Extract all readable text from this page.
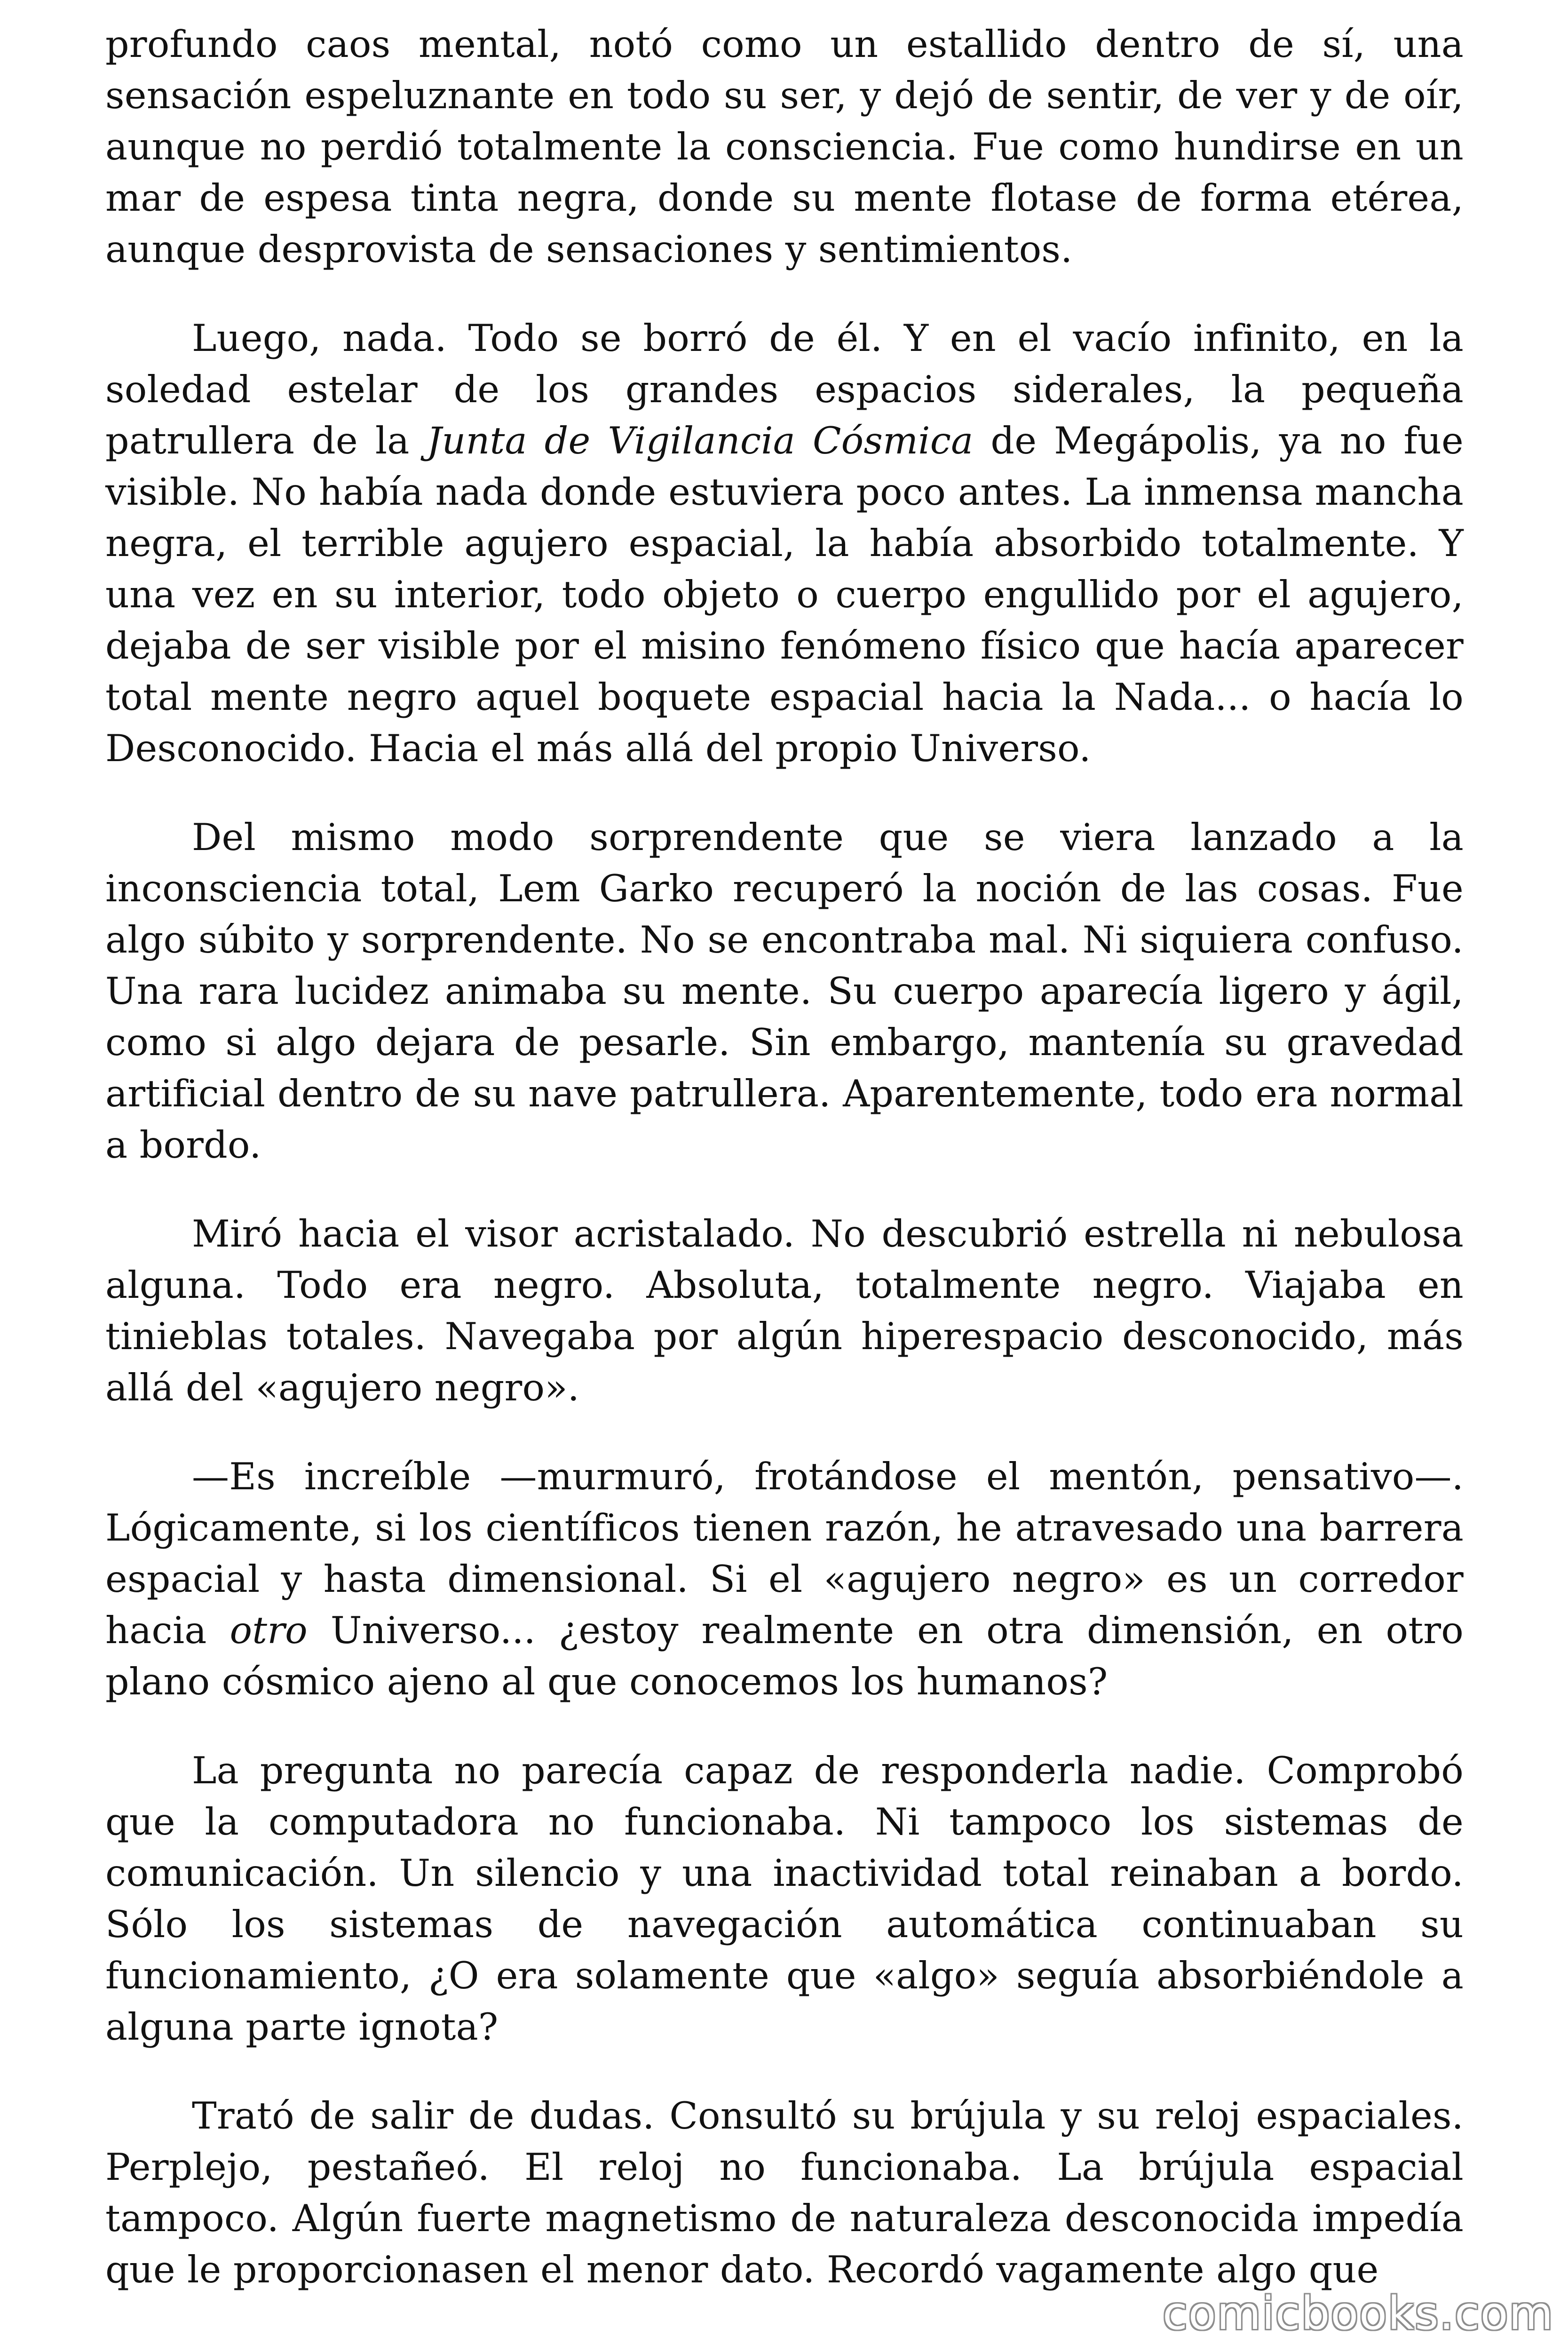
profundo caos mental, notó como un estallido dentro de sí, una sensación espeluznante en todo su ser, y dejó de sentir, de ver y de oír, aunque no perdió totalmente la consciencia. Fue como hundirse en un mar de espesa tinta negra, donde su mente flotase de forma etérea, aunque desprovista de sensaciones y sentimientos.

Luego, nada. Todo se borró de él. Y en el vacío infinito, en la soledad estelar de los grandes espacios siderales, la pequeña patrullera de la Junta de Vigilancia Cósmica de Megápolis, ya no fue visible. No había nada donde estuviera poco antes. La inmensa mancha negra, el terrible agujero espacial, la había absorbido totalmente. Y una vez en su interior, todo objeto o cuerpo engullido por el agujero, dejaba de ser visible por el misino fenómeno físico que hacía aparecer total mente negro aquel boquete espacial hacia la Nada... o hacía lo Desconocido. Hacia el más allá del propio Universo.

Del mismo modo sorprendente que se viera lanzado a la inconsciencia total, Lem Garko recuperó la noción de las cosas. Fue algo súbito y sorprendente. No se encontraba mal. Ni siquiera confuso. Una rara lucidez animaba su mente. Su cuerpo aparecía ligero y ágil, como si algo dejara de pesarle. Sin embargo, mantenía su gravedad artificial dentro de su nave patrullera. Aparentemente, todo era normal a bordo.

Miró hacia el visor acristalado. No descubrió estrella ni nebulosa alguna. Todo era negro. Absoluta, totalmente negro. Viajaba en tinieblas totales. Navegaba por algún hiperespacio desconocido, más allá del «agujero negro».

—Es increíble —murmuró, frotándose el mentón, pensativo—. Lógicamente, si los científicos tienen razón, he atravesado una barrera espacial y hasta dimensional. Si el «agujero negro» es un corredor hacia otro Universo... ¿estoy realmente en otra dimensión, en otro plano cósmico ajeno al que conocemos los humanos?

La pregunta no parecía capaz de responderla nadie. Comprobó que la computadora no funcionaba. Ni tampoco los sistemas de comunicación. Un silencio y una inactividad total reinaban a bordo. Sólo los sistemas de navegación automática continuaban su funcionamiento, ¿O era solamente que «algo» seguía absorbiéndole a alguna parte ignota?

Trató de salir de dudas. Consultó su brújula y su reloj espaciales. Perplejo, pestañeó. El reloj no funcionaba. La brújula espacial tampoco. Algún fuerte magnetismo de naturaleza desconocida impedía que le proporcionasen el menor dato. Recordó vagamente algo que

comicbooks.com
